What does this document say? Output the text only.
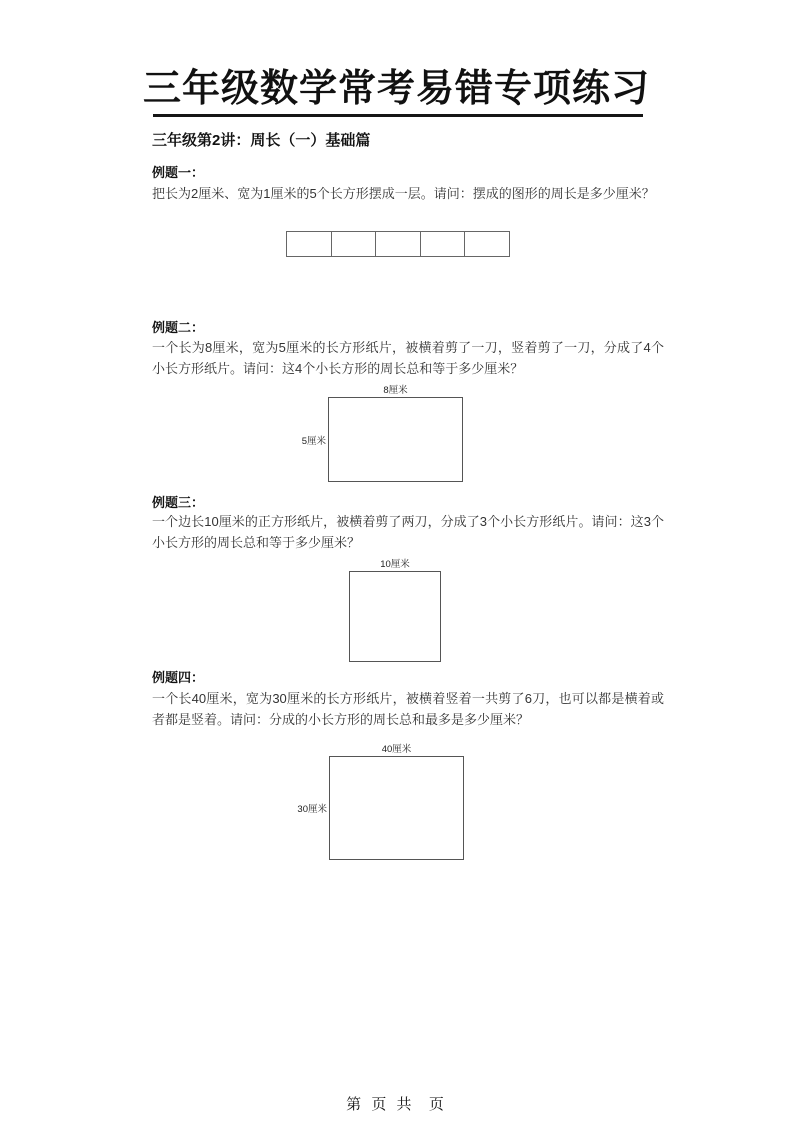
三年级数学常考易错专项练习
三年级第2讲：周长（一）基础篇
例题一：
把长为2厘米、宽为1厘米的5个长方形摆成一层。请问：摆成的图形的周长是多少厘米？
例题二：
一个长为8厘米，宽为5厘米的长方形纸片，被横着剪了一刀，竖着剪了一刀，分成了4个小长方形纸片。请问：这4个小长方形的周长总和等于多少厘米？
8厘米
5厘米
例题三：
一个边长10厘米的正方形纸片，被横着剪了两刀，分成了3个小长方形纸片。请问：这3个小长方形的周长总和等于多少厘米？
10厘米
例题四：
一个长40厘米，宽为30厘米的长方形纸片，被横着竖着一共剪了6刀，也可以都是横着或者都是竖着。请问：分成的小长方形的周长总和最多是多少厘米？
40厘米
30厘米
第 页 共  页
